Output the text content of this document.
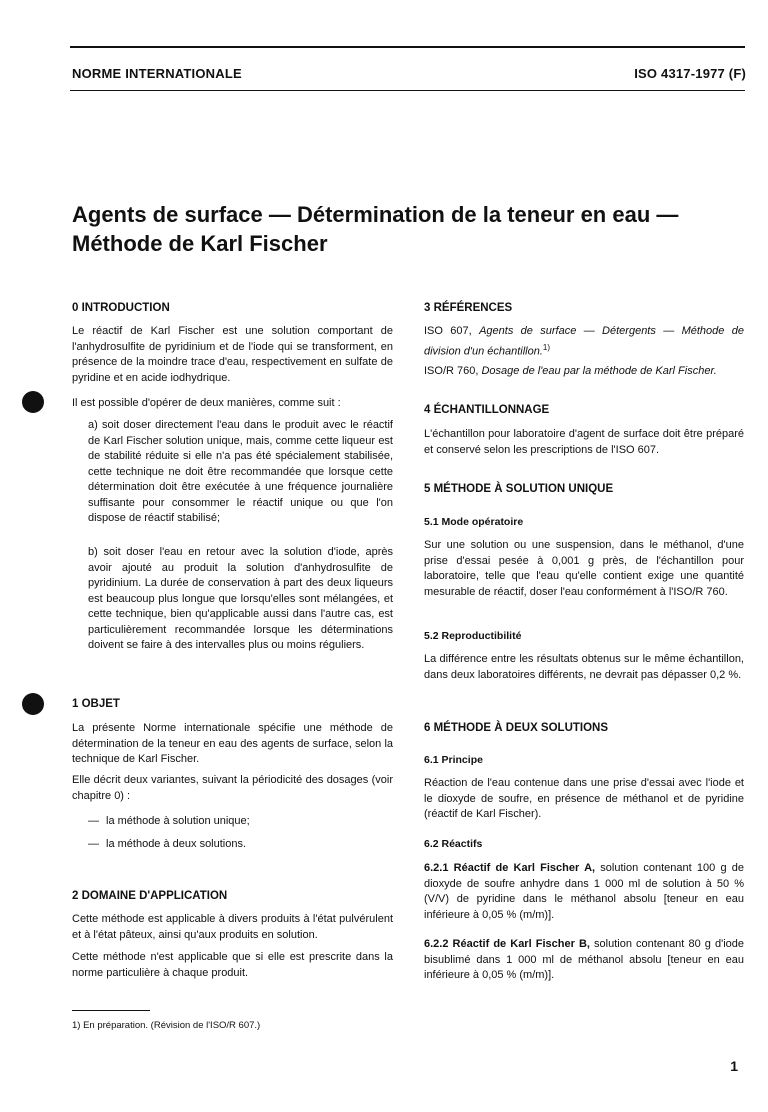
NORME INTERNATIONALE	ISO 4317-1977 (F)
Agents de surface — Détermination de la teneur en eau —
Méthode de Karl Fischer
0 INTRODUCTION

Le réactif de Karl Fischer est une solution comportant de l'anhydrosulfite de pyridinium et de l'iode qui se transforment, en présence de la moindre trace d'eau, respectivement en sulfate de pyridine et en acide iodhydrique.

Il est possible d'opérer de deux manières, comme suit :

a) soit doser directement l'eau dans le produit avec le réactif de Karl Fischer solution unique, mais, comme cette liqueur est de stabilité réduite si elle n'a pas été spécialement stabilisée, cette technique ne doit être recommandée que lorsque cette détermination doit être exécutée à une fréquence journalière suffisante pour consommer le réactif unique ou que l'on dispose de réactif stabilisé;

b) soit doser l'eau en retour avec la solution d'iode, après avoir ajouté au produit la solution d'anhydrosulfite de pyridinium. La durée de conservation à part des deux liqueurs est beaucoup plus longue que lorsqu'elles sont mélangées, et cette technique, bien qu'applicable aussi dans l'autre cas, est particulièrement recommandée lorsque les déterminations doivent se faire à des intervalles plus ou moins réguliers.

1 OBJET

La présente Norme internationale spécifie une méthode de détermination de la teneur en eau des agents de surface, selon la technique de Karl Fischer.

Elle décrit deux variantes, suivant la périodicité des dosages (voir chapitre 0) :

— la méthode à solution unique;
— la méthode à deux solutions.
2 DOMAINE D'APPLICATION

Cette méthode est applicable à divers produits à l'état pulvérulent et à l'état pâteux, ainsi qu'aux produits en solution.

Cette méthode n'est applicable que si elle est prescrite dans la norme particulière à chaque produit.

1) En préparation. (Révision de l'ISO/R 607.)
3 RÉFÉRENCES

ISO 607, Agents de surface — Détergents — Méthode de division d'un échantillon.$^{1)}$

ISO/R 760, Dosage de l'eau par la méthode de Karl Fischer.

4 ÉCHANTILLONNAGE

L'échantillon pour laboratoire d'agent de surface doit être préparé et conservé selon les prescriptions de l'ISO 607.

5 MÉTHODE À SOLUTION UNIQUE
5.1 Mode opératoire

Sur une solution ou une suspension, dans le méthanol, d'une prise d'essai pesée à 0,001 g près, de l'échantillon pour laboratoire, telle que l'eau qu'elle contient exige une quantité mesurable de réactif, doser l'eau conformément à l'ISO/R 760.

5.2 Reproductibilité

La différence entre les résultats obtenus sur le même échantillon, dans deux laboratoires différents, ne devrait pas dépasser 0,2 %.

6 MÉTHODE À DEUX SOLUTIONS
6.1 Principe

Réaction de l'eau contenue dans une prise d'essai avec l'iode et le dioxyde de soufre, en présence de méthanol et de pyridine (réactif de Karl Fischer).

6.2 Réactifs

6.2.1 Réactif de Karl Fischer A, solution contenant 100 g de dioxyde de soufre anhydre dans 1 000 ml de solution à 50 % (V/V) de pyridine dans le méthanol absolu [teneur en eau inférieure à 0,05 % (m/m)].

6.2.2 Réactif de Karl Fischer B, solution contenant 80 g d'iode bisublimé dans 1 000 ml de méthanol absolu [teneur en eau inférieure à 0,05 % (m/m)].

1
